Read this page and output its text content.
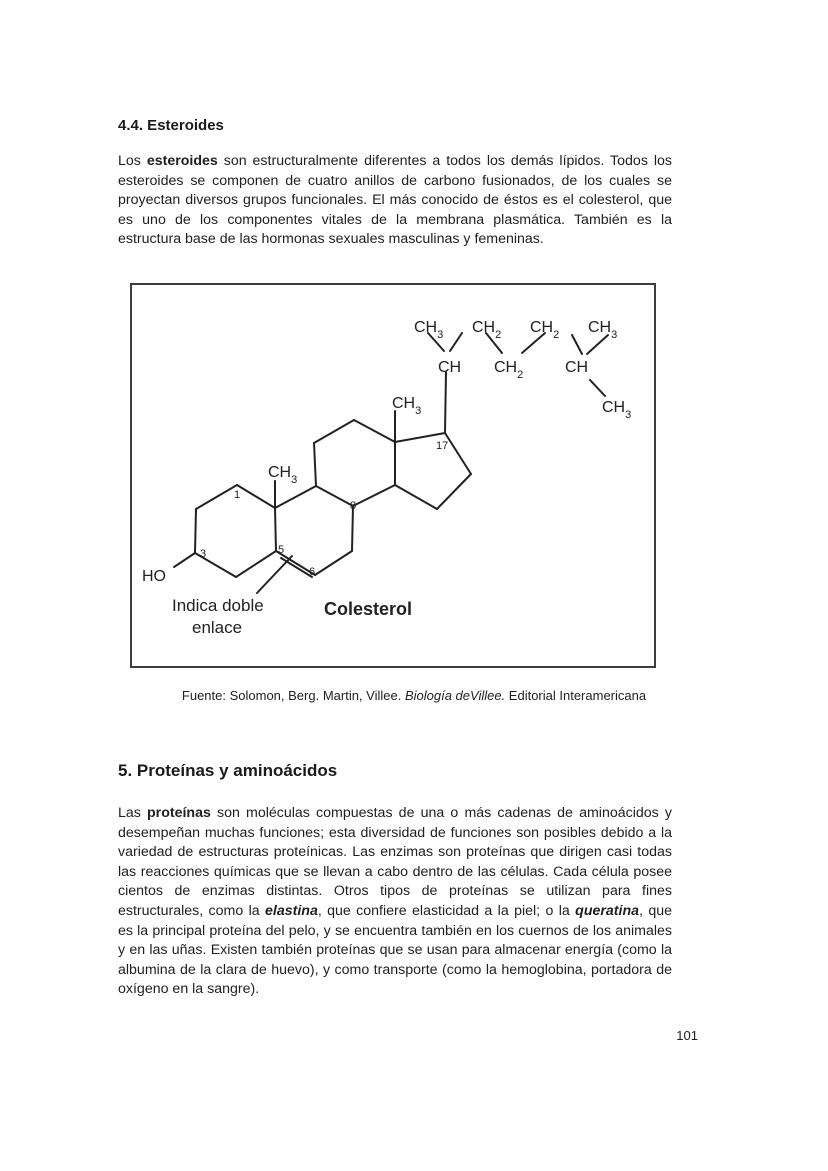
4.4. Esteroides

Los esteroides son estructuralmente diferentes a todos los demás lípidos. Todos los esteroides se componen de cuatro anillos de carbono fusionados, de los cuales se proyectan diversos grupos funcionales. El más conocido de éstos es el colesterol, que es uno de los componentes vitales de la membrana plasmática. También es la estructura base de las hormonas sexuales masculinas y femeninas.

$CH_3$ $CH_2$ $CH_2$ $CH_3$
CH $CH_2$	CH
$CH_3$
$CH_3$
$CH_3$
HO
1
3	5
6
8
17
Indica doble
enlace
Colesterol
Fuente: Solomon, Berg. Martin, Villee. Biología deVillee. Editorial Interamericana
5. Proteínas y aminoácidos

Las proteínas son moléculas compuestas de una o más cadenas de aminoácidos y desempeñan muchas funciones; esta diversidad de funciones son posibles debido a la variedad de estructuras proteínicas. Las enzimas son proteínas que dirigen casi todas las reacciones químicas que se llevan a cabo dentro de las células. Cada célula posee cientos de enzimas distintas. Otros tipos de proteínas se utilizan para fines estructurales, como la elastina, que confiere elasticidad a la piel; o la queratina, que es la principal proteína del pelo, y se encuentra también en los cuernos de los animales y en las uñas. Existen también proteínas que se usan para almacenar energía (como la albumina de la clara de huevo), y como transporte (como la hemoglobina, portadora de oxígeno en la sangre).

101
